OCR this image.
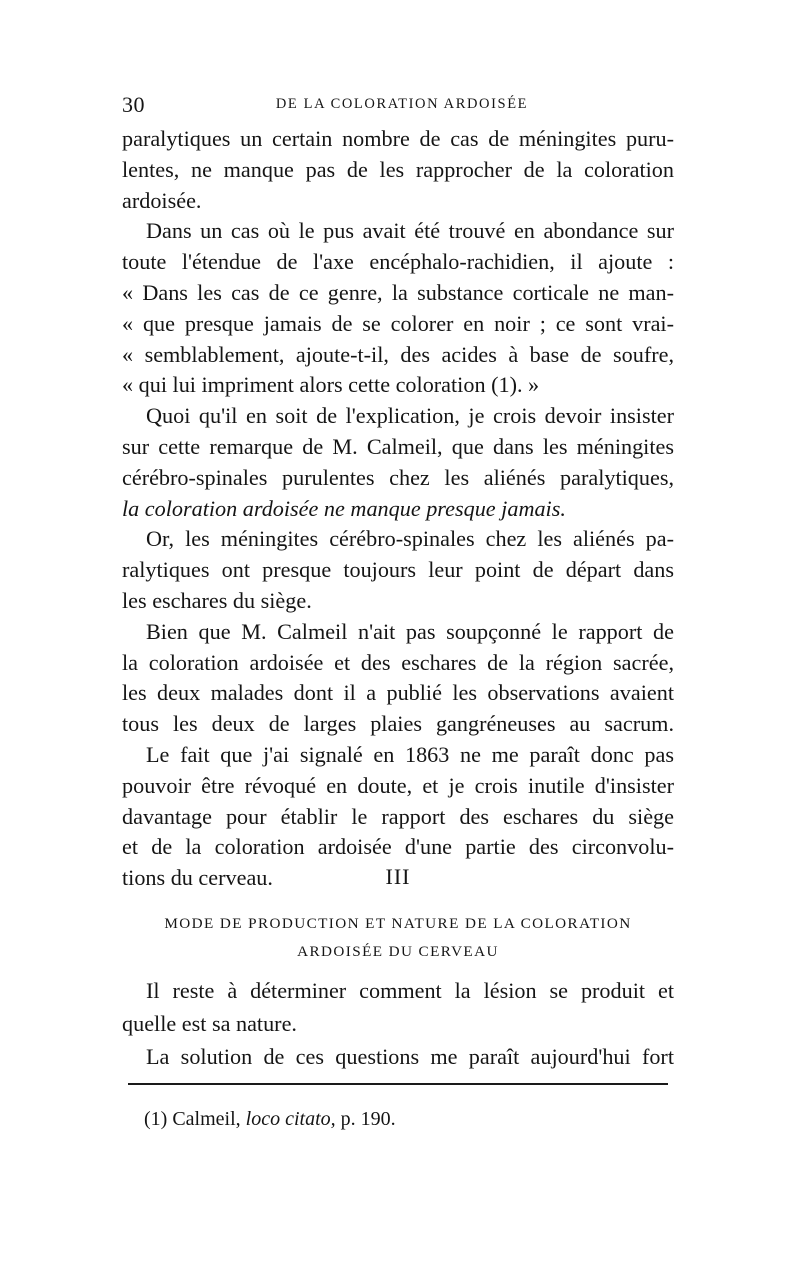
30	DE LA COLORATION ARDOISÉE
paralytiques un certain nombre de cas de méningites puru-
lentes, ne manque pas de les rapprocher de la coloration
ardoisée.
Dans un cas où le pus avait été trouvé en abondance sur
toute l'étendue de l'axe encéphalo-rachidien, il ajoute :
« Dans les cas de ce genre, la substance corticale ne man-
« que presque jamais de se colorer en noir ; ce sont vrai-
« semblablement, ajoute-t-il, des acides à base de soufre,
« qui lui impriment alors cette coloration (1). »
Quoi qu'il en soit de l'explication, je crois devoir insister
sur cette remarque de M. Calmeil, que dans les méningites
cérébro-spinales purulentes chez les aliénés paralytiques,
la coloration ardoisée ne manque presque jamais.
Or, les méningites cérébro-spinales chez les aliénés pa-
ralytiques ont presque toujours leur point de départ dans
les eschares du siège.
Bien que M. Calmeil n'ait pas soupçonné le rapport de
la coloration ardoisée et des eschares de la région sacrée,
les deux malades dont il a publié les observations avaient
tous les deux de larges plaies gangréneuses au sacrum.
Le fait que j'ai signalé en 1863 ne me paraît donc pas
pouvoir être révoqué en doute, et je crois inutile d'insister
davantage pour établir le rapport des eschares du siège
et de la coloration ardoisée d'une partie des circonvolu-
tions du cerveau.	III
MODE DE PRODUCTION ET NATURE DE LA COLORATION
ARDOISÉE DU CERVEAU
Il reste à déterminer comment la lésion se produit et
quelle est sa nature.
La solution de ces questions me paraît aujourd'hui fort
(1) Calmeil, loco citato, p. 190.
